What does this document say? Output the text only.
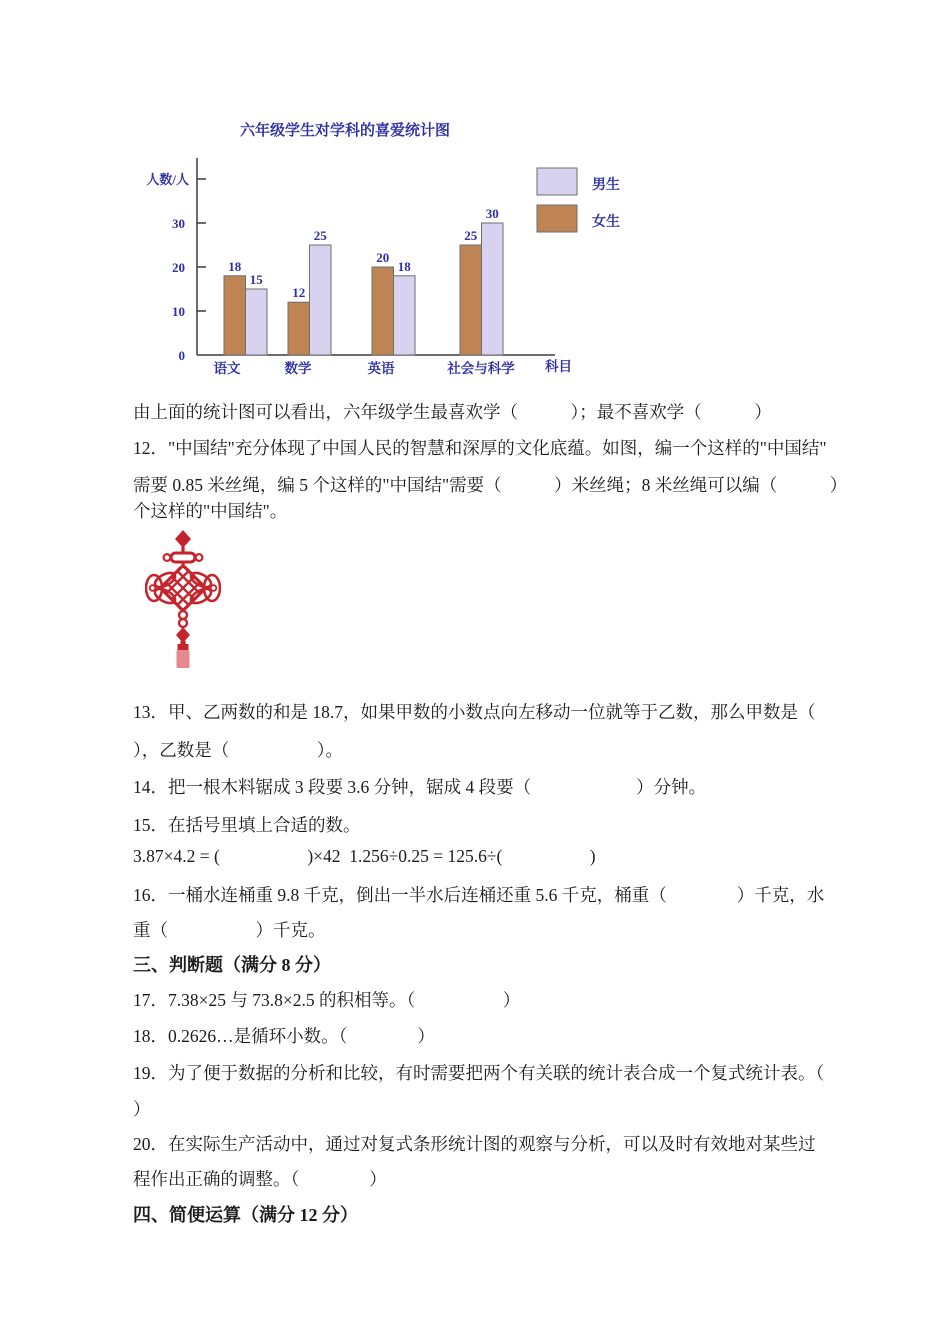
六年级学生对学科的喜爱统计图
0
10
20
30
人数/人
18
15
语文
12
25
数学
20
18
英语
25
30
社会与科学 科目
男生
女生
由上面的统计图可以看出，六年级学生最喜欢学（　　　）；最不喜欢学（　　　）
12．"中国结"充分体现了中国人民的智慧和深厚的文化底蕴。如图，编一个这样的"中国结"
需要 0.85 米丝绳，编 5 个这样的"中国结"需要（　　　）米丝绳；8 米丝绳可以编（　　　）
个这样的"中国结"。
13．甲、乙两数的和是 18.7，如果甲数的小数点向左移动一位就等于乙数，那么甲数是（
），乙数是（　　　　　）。
14．把一根木料锯成 3 段要 3.6 分钟，锯成 4 段要（　　　　　　）分钟。
15．在括号里填上合适的数。
3.87×4.2 = (　　　　　)×42  1.256÷0.25 = 125.6÷(　　　　　)
16．一桶水连桶重 9.8 千克，倒出一半水后连桶还重 5.6 千克，桶重（　　　　）千克，水
重（　　　　　）千克。
三、判断题（满分 8 分）
17．7.38×25 与 73.8×2.5 的积相等。（　　　　　）
18．0.2626…是循环小数。（　　　　）
19．为了便于数据的分析和比较，有时需要把两个有关联的统计表合成一个复式统计表。（
）
20．在实际生产活动中，通过对复式条形统计图的观察与分析，可以及时有效地对某些过
程作出正确的调整。（　　　　）
四、简便运算（满分 12 分）
